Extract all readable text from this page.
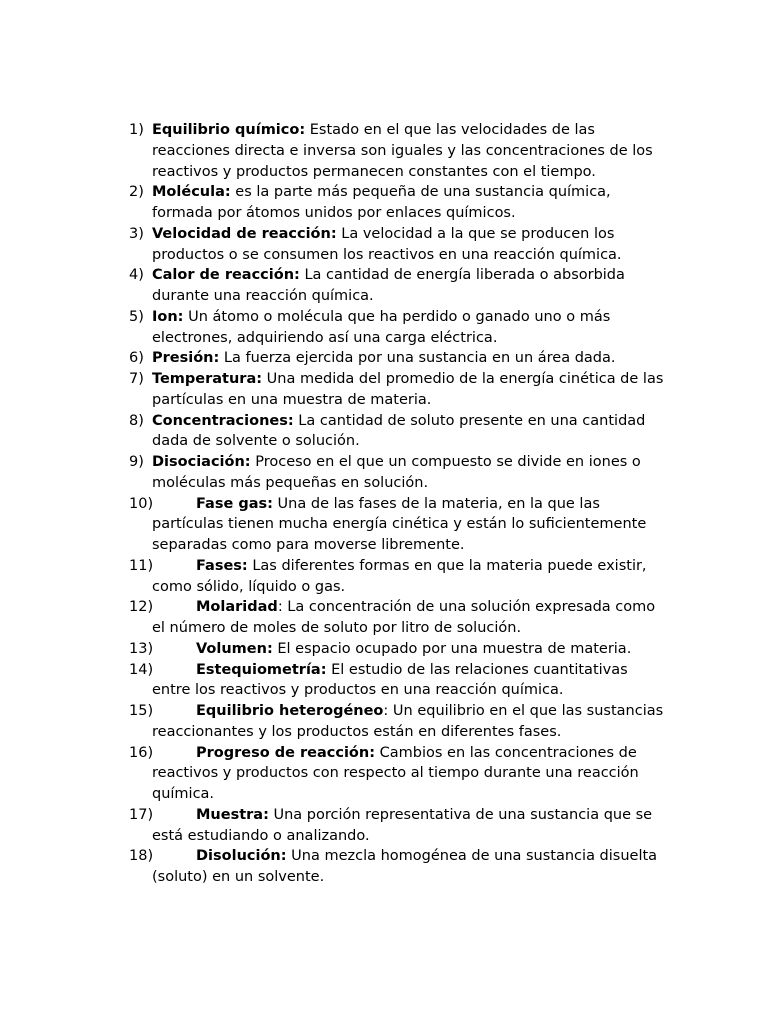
1) Equilibrio químico: Estado en el que las velocidades de las reacciones directa e inversa son iguales y las concentraciones de los reactivos y productos permanecen constantes con el tiempo.
2) Molécula: es la parte más pequeña de una sustancia química, formada por átomos unidos por enlaces químicos.
3) Velocidad de reacción: La velocidad a la que se producen los productos o se consumen los reactivos en una reacción química.
4) Calor de reacción: La cantidad de energía liberada o absorbida durante una reacción química.
5) Ion: Un átomo o molécula que ha perdido o ganado uno o más electrones, adquiriendo así una carga eléctrica.
6) Presión: La fuerza ejercida por una sustancia en un área dada.
7) Temperatura: Una medida del promedio de la energía cinética de las partículas en una muestra de materia.
8) Concentraciones: La cantidad de soluto presente en una cantidad dada de solvente o solución.
9) Disociación: Proceso en el que un compuesto se divide en iones o moléculas más pequeñas en solución.
10)	Fase gas: Una de las fases de la materia, en la que las partículas tienen mucha energía cinética y están lo suficientemente separadas como para moverse libremente.
11)	Fases: Las diferentes formas en que la materia puede existir, como sólido, líquido o gas.
12)	Molaridad: La concentración de una solución expresada como el número de moles de soluto por litro de solución.
13)	Volumen: El espacio ocupado por una muestra de materia.
14)	Estequiometría: El estudio de las relaciones cuantitativas entre los reactivos y productos en una reacción química.
15)	Equilibrio heterogéneo: Un equilibrio en el que las sustancias reaccionantes y los productos están en diferentes fases.
16)	Progreso de reacción: Cambios en las concentraciones de reactivos y productos con respecto al tiempo durante una reacción química.
17)	Muestra: Una porción representativa de una sustancia que se está estudiando o analizando.
18)	Disolución: Una mezcla homogénea de una sustancia disuelta (soluto) en un solvente.
